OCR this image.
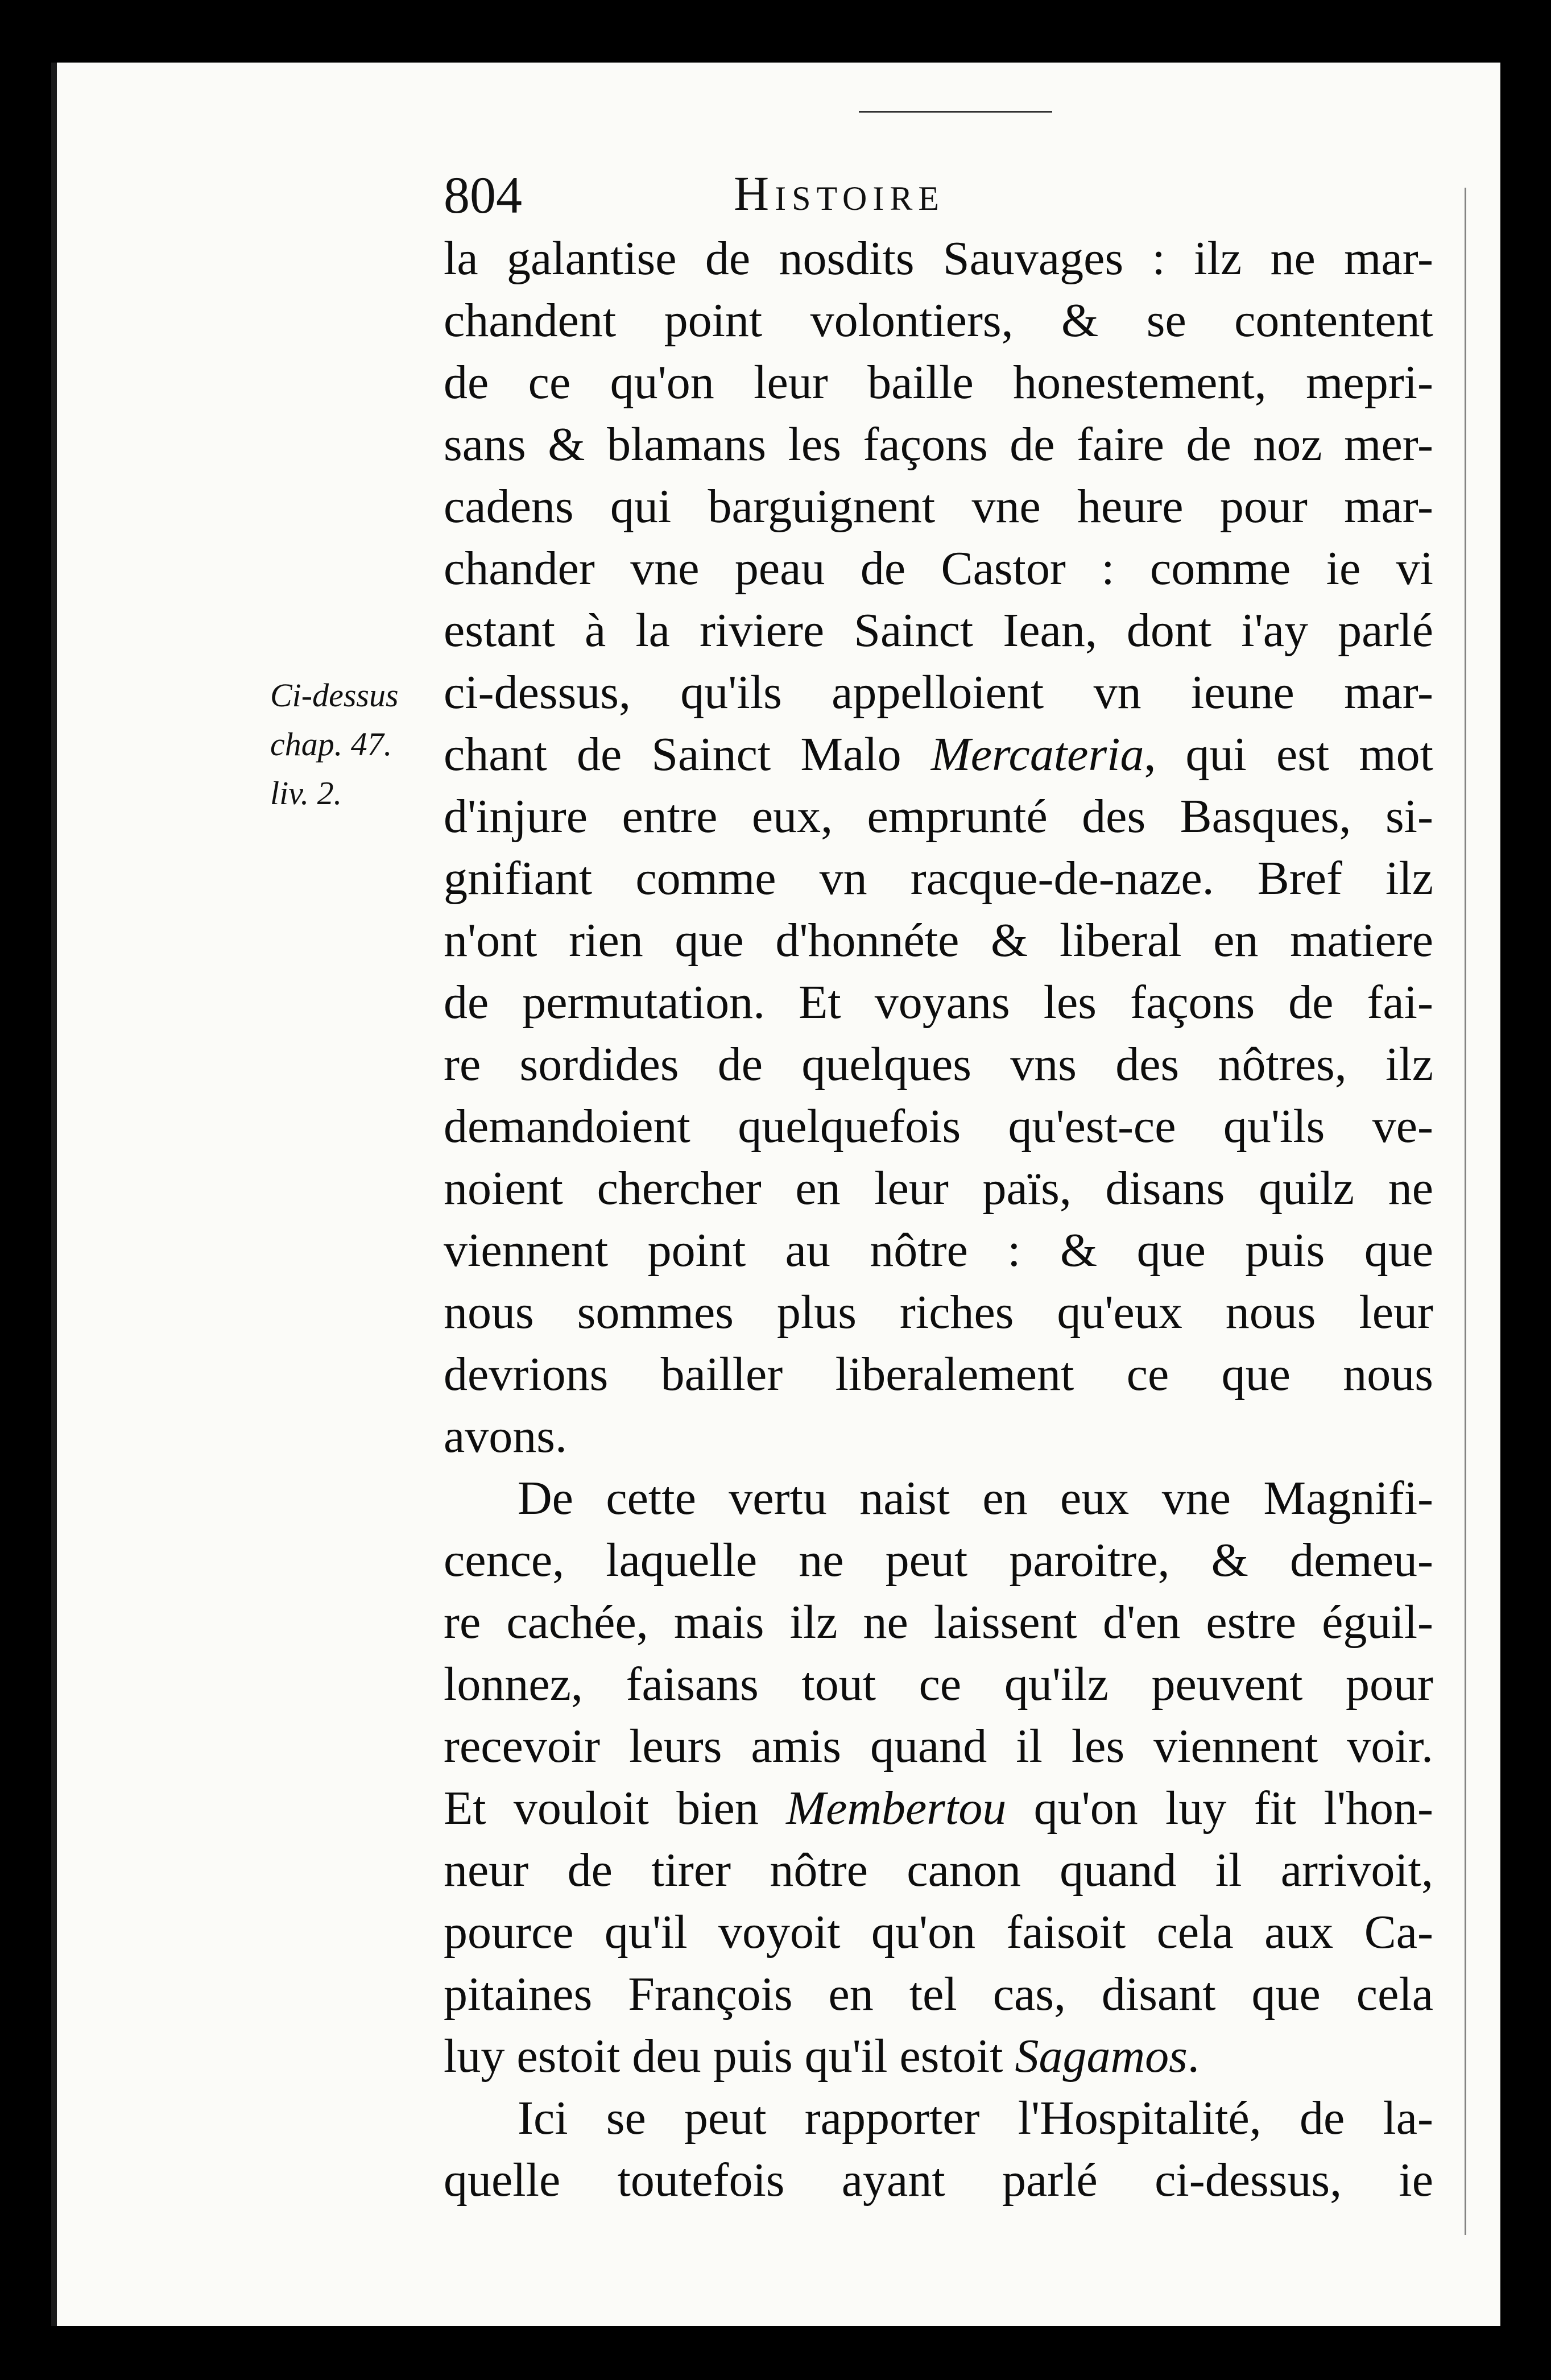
804	Histoire
Ci-dessus
chap. 47.
liv. 2.
la galantise de nosdits Sauvages : ilz ne mar-
chandent point volontiers, & se contentent
de ce qu'on leur baille honestement, mepri-
sans & blamans les façons de faire de noz mer-
cadens qui barguignent vne heure pour mar-
chander vne peau de Castor : comme ie vi
estant à la riviere Sainct Iean, dont i'ay parlé
ci-dessus, qu'ils appelloient vn ieune mar-
chant de Sainct Malo Mercateria, qui est mot
d'injure entre eux, emprunté des Basques, si-
gnifiant comme vn racque-de-naze. Bref ilz
n'ont rien que d'honnéte & liberal en matiere
de permutation. Et voyans les façons de fai-
re sordides de quelques vns des nôtres, ilz
demandoient quelquefois qu'est-ce qu'ils ve-
noient chercher en leur païs, disans quilz ne
viennent point au nôtre : & que puis que
nous sommes plus riches qu'eux nous leur
devrions bailler liberalement ce que nous
avons.
De cette vertu naist en eux vne Magnifi-
cence, laquelle ne peut paroitre, & demeu-
re cachée, mais ilz ne laissent d'en estre éguil-
lonnez, faisans tout ce qu'ilz peuvent pour
recevoir leurs amis quand il les viennent voir.
Et vouloit bien Membertou qu'on luy fit l'hon-
neur de tirer nôtre canon quand il arrivoit,
pource qu'il voyoit qu'on faisoit cela aux Ca-
pitaines François en tel cas, disant que cela
luy estoit deu puis qu'il estoit Sagamos.
Ici se peut rapporter l'Hospitalité, de la-
quelle toutefois ayant parlé ci-dessus, ie
